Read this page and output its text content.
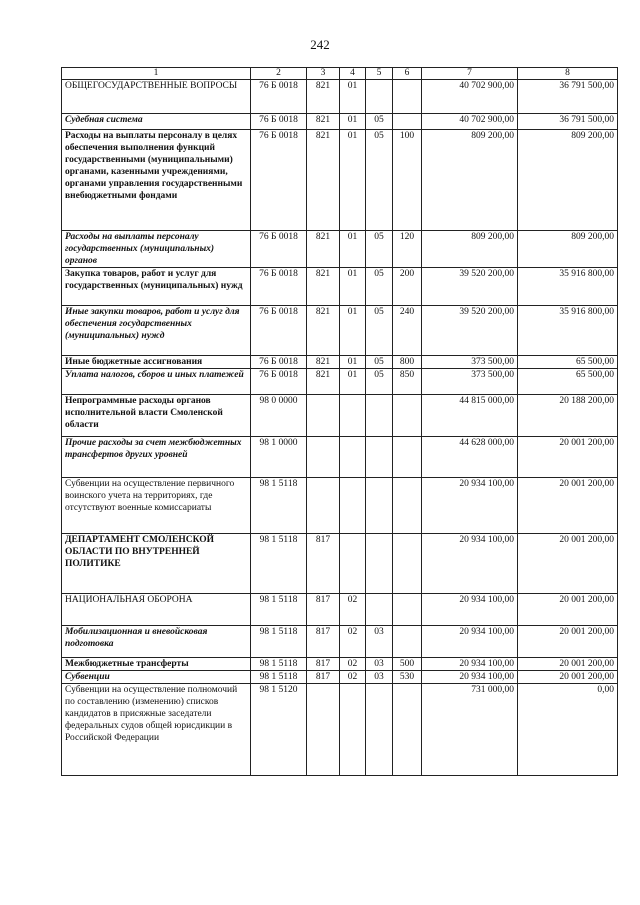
242
1	2	3	4	5	6	7	8
ОБЩЕГОСУДАРСТВЕННЫЕ ВОПРОСЫ	76 Б 0018	821	01			40 702 900,00	36 791 500,00
Судебная система	76 Б 0018	821	01	05		40 702 900,00	36 791 500,00
Расходы на выплаты персоналу в целях обеспечения выполнения функций государственными (муниципальными) органами, казенными учреждениями, органами управления государственными внебюджетными фондами	76 Б 0018	821	01	05	100	809 200,00	809 200,00
Расходы на выплаты персоналу государственных (муниципальных) органов	76 Б 0018	821	01	05	120	809 200,00	809 200,00
Закупка товаров, работ и услуг для государственных (муниципальных) нужд	76 Б 0018	821	01	05	200	39 520 200,00	35 916 800,00
Иные закупки товаров, работ и услуг для обеспечения государственных (муниципальных) нужд	76 Б 0018	821	01	05	240	39 520 200,00	35 916 800,00
Иные бюджетные ассигнования	76 Б 0018	821	01	05	800	373 500,00	65 500,00
Уплата налогов, сборов и иных платежей	76 Б 0018	821	01	05	850	373 500,00	65 500,00
Непрограммные расходы органов исполнительной власти Смоленской области	98 0 0000					44 815 000,00	20 188 200,00
Прочие расходы за счет межбюджетных трансфертов других уровней	98 1 0000					44 628 000,00	20 001 200,00
Субвенции на осуществление первичного воинского учета на территориях, где отсутствуют военные комиссариаты	98 1 5118					20 934 100,00	20 001 200,00
ДЕПАРТАМЕНТ СМОЛЕНСКОЙ ОБЛАСТИ ПО ВНУТРЕННЕЙ ПОЛИТИКЕ	98 1 5118	817				20 934 100,00	20 001 200,00
НАЦИОНАЛЬНАЯ ОБОРОНА	98 1 5118	817	02			20 934 100,00	20 001 200,00
Мобилизационная и вневойсковая подготовка	98 1 5118	817	02	03		20 934 100,00	20 001 200,00
Межбюджетные трансферты	98 1 5118	817	02	03	500	20 934 100,00	20 001 200,00
Субвенции	98 1 5118	817	02	03	530	20 934 100,00	20 001 200,00
Субвенции на осуществление полномочий по составлению (изменению) списков кандидатов в присяжные заседатели федеральных судов общей юрисдикции в Российской Федерации	98 1 5120					731 000,00	0,00
